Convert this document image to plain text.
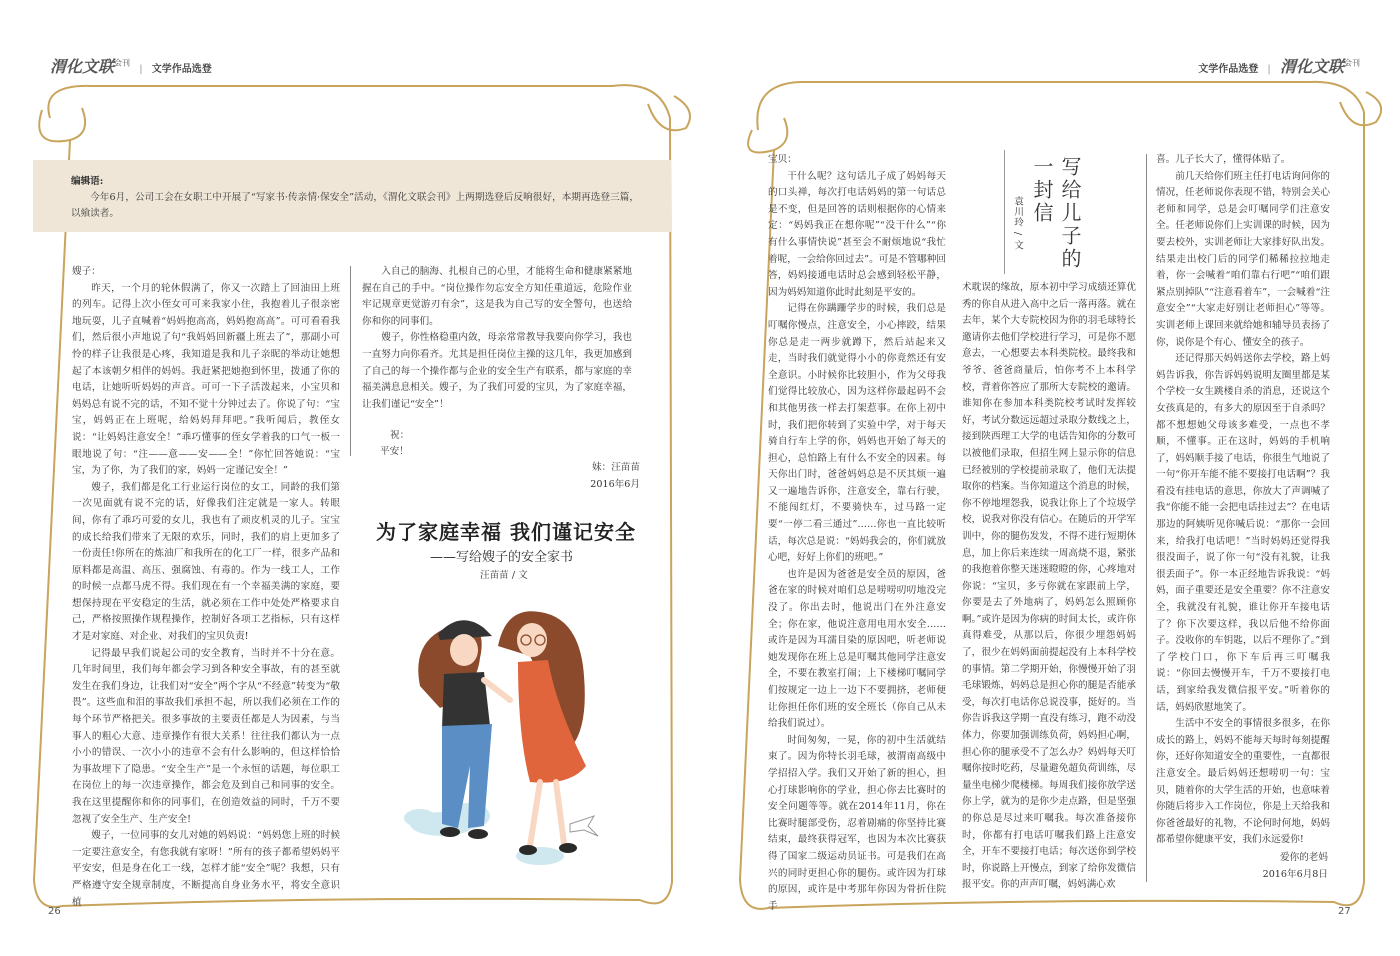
渭化文联$^{会刊}$ | 文学作品选登

编辑语:

今年6月，公司工会在女职工中开展了“写家书·传亲情·保安全”活动，《渭化文联会刊》上两期选登后反响很好，本期再选登三篇，以飨读者。

嫂子：

昨天，一个月的轮休假满了，你又一次踏上了回油田上班的列车。记得上次小侄女可可来我家小住，我抱着儿子很亲密地玩耍，儿子直喊着“妈妈抱高高，妈妈抱高高”。可可看看我们，然后很小声地说了句“我妈妈回新疆上班去了”，那副小可怜的样子让我很是心疼，我知道是我和儿子亲昵的举动让她想起了本该朝夕相伴的妈妈。我赶紧把她抱到怀里，拨通了你的电话，让她听听妈妈的声音。可可一下子活泼起来，小宝贝和妈妈总有说不完的话，不知不觉十分钟过去了。你说了句：“宝宝，妈妈正在上班呢，给妈妈拜拜吧。”我听闻后，教侄女说：“让妈妈注意安全！”乖巧懂事的侄女学着我的口气一板一眼地说了句：“注——意——安——全！”你忙回答她说：“宝宝，为了你，为了我们的家，妈妈一定谨记安全！”

嫂子，我们都是化工行业运行岗位的女工，同龄的我们第一次见面就有说不完的话，好像我们注定就是一家人。转眼间，你有了乖巧可爱的女儿，我也有了顽皮机灵的儿子。宝宝的成长给我们带来了无限的欢乐，同时，我们的肩上更加多了一份责任!你所在的炼油厂和我所在的化工厂一样，很多产品和原料都是高温、高压、强腐蚀、有毒的。作为一线工人，工作的时候一点都马虎不得。我们现在有一个幸福美满的家庭，要想保持现在平安稳定的生活，就必须在工作中处处严格要求自己，严格按照操作规程操作，控制好各项工艺指标，只有这样才是对家庭、对企业、对我们的宝贝负责!

记得最早我们说起公司的安全教育，当时并不十分在意。几年时间里，我们每年都会学习到各种安全事故，有的甚至就发生在我们身边，让我们对“安全”两个字从“不经意”转变为“敬畏”。这些血和泪的事故我们承担不起，所以我们必须在工作的每个环节严格把关。很多事故的主要责任都是人为因素，与当事人的粗心大意、违章操作有很大关系！往往我们都认为一点小小的错误、一次小小的违章不会有什么影响的，但这样恰恰为事故埋下了隐患。“安全生产”是一个永恒的话题，每位职工在岗位上的每一次违章操作，都会危及到自己和同事的安全。我在这里提醒你和你的同事们，在创造效益的同时，千万不要忽视了安全生产、生产安全!

嫂子，一位同事的女儿对她的妈妈说：“妈妈您上班的时候一定要注意安全，有您我就有家呀！”所有的孩子都希望妈妈平平安安，但是身在化工一线，怎样才能“安全”呢？我想，只有严格遵守安全规章制度，不断提高自身业务水平，将安全意识植

入自己的脑海、扎根自己的心里，才能将生命和健康紧紧地握在自己的手中。“岗位操作勿忘安全方知任重道远，危险作业牢记规章更觉游刃有余”，这是我为自己写的安全警句，也送给你和你的同事们。

嫂子，你性格稳重内敛，母亲常常教导我要向你学习，我也一直努力向你看齐。尤其是担任岗位主操的这几年，我更加感到了自己的每一个操作都与企业的安全生产有联系，都与家庭的幸福美满息息相关。嫂子，为了我们可爱的宝贝，为了家庭幸福，让我们谨记“安全”！

祝：

平安！

妹：汪苗苗

2016年6月

为了家庭幸福 我们谨记安全
——写给嫂子的安全家书

汪苗苗 / 文

26
文学作品选登 | 渭化文联$^{会刊}$

宝贝：

干什么呢？这句话儿子成了妈妈每天的口头禅，每次打电话妈妈的第一句话总是不变，但是回答的话则根据你的心情来定：“妈妈我正在想你呢”“没干什么”“你有什么事情快说”甚至会不耐烦地说“我忙着呢，一会给你回过去”。可是不管哪种回答，妈妈接通电话时总会感到轻松平静，因为妈妈知道你此时此刻是平安的。

记得在你蹒跚学步的时候，我们总是叮嘱你慢点，注意安全，小心摔跤，结果你总是走一两步就蹲下，然后站起来又走，当时我们就觉得小小的你竟然还有安全意识。小时候你比较胆小，作为父母我们觉得比较放心，因为这样你最起码不会和其他男孩一样去打架惹事。在你上初中时，我们把你转到了实验中学，对于每天骑自行车上学的你，妈妈也开始了每天的担心，总怕路上有什么不安全的因素。每天你出门时，爸爸妈妈总是不厌其烦一遍又一遍地告诉你，注意安全，靠右行驶，不能闯红灯，不要骑快车，过马路一定要“一停二看三通过”……你也一直比较听话，每次总是说：“妈妈我会的，你们就放心吧，好好上你们的班吧。”

也许是因为爸爸是安全员的原因，爸爸在家的时候对咱们总是唠唠叨叨地没完没了。你出去时，他说出门在外注意安全；你在家，他说注意用电用水安全……或许是因为耳濡目染的原因吧，听老师说她发现你在班上总是叮嘱其他同学注意安全，不要在教室打闹；上下楼梯叮嘱同学们按规定一边上一边下不要拥挤，老师便让你担任你们班的安全班长（你自己从未给我们说过）。

时间匆匆，一晃，你的初中生活就结束了。因为你特长羽毛球，被渭南高级中学招招入学。我们又开始了新的担心，担心打球影响你的学业，担心你去比赛时的安全问题等等。就在2014年11月，你在比赛时腿部受伤，忍着剧痛的你坚持比赛结束，最终获得冠军，也因为本次比赛获得了国家二级运动员证书。可是我们在高兴的同时更担心你的腿伤。或许因为打球的原因，或许是中考那年你因为骨折住院手

写给儿子的
一封信
袁川玲 / 文

术耽误的缘故，原本初中学习成绩还算优秀的你自从进入高中之后一落再落。就在去年，某个大专院校因为你的羽毛球特长邀请你去他们学校进行学习，可是你不愿意去，一心想要去本科类院校。最终我和爷爷、爸爸商量后，怕你考不上本科学校，背着你答应了那所大专院校的邀请。谁知你在参加本科类院校考试时发挥较好，考试分数远远超过录取分数线之上，接到陕西理工大学的电话告知你的分数可以被他们录取，但招生网上显示你的信息已经被别的学校提前录取了，他们无法提取你的档案。当你知道这个消息的时候，你不停地埋怨我，说我让你上了个垃圾学校，说我对你没有信心。在随后的开学军训中，你的腿伤发发，不得不进行短期休息，加上你后来连续一周高烧不退，紧张的我抱着你整天迷迷瞪瞪的你，心疼地对你说：“宝贝，多亏你就在家跟前上学，你要是去了外地病了，妈妈怎么照顾你啊。”或许是因为你病的时间太长，或许你真得难受，从那以后，你很少埋怨妈妈了，很少在妈妈面前提起没有上本科学校的事情。第二学期开始，你慢慢开始了羽毛球锻炼，妈妈总是担心你的腿是否能承受，每次打电话你总说没事，挺好的。当你告诉我这学期一直没有练习，跑不动没体力，你要加强训练负荷，妈妈担心啊，担心你的腿承受不了怎么办？妈妈每天叮嘱你按时吃药，尽量避免超负荷训练，尽量坐电梯少爬楼梯。每周我们接你放学送你上学，就为的是你少走点路，但是坚强的你总是尽过来叮嘱我。每次准备接你时，你都有打电话叮嘱我们路上注意安全，开车不要接打电话；每次送你到学校时，你说路上开慢点，到家了给你发微信报平安。你的声声叮嘱，妈妈满心欢

喜。儿子长大了，懂得体贴了。

前几天给你们班主任打电话询问你的情况，任老师说你表现不错，特别会关心老师和同学，总是会叮嘱同学们注意安全。任老师说你们上实训课的时候，因为要去校外，实训老师让大家排好队出发。结果走出校门后的同学们稀稀拉拉地走着，你一会喊着“咱们靠右行吧”“咱们跟紧点别掉队”“注意看着车”，一会喊着“注意安全”“大家走好别让老师担心”等等。实训老师上课回来就给她和辅导员表扬了你，说你是个有心、懂安全的孩子。

还记得那天妈妈送你去学校，路上妈妈告诉我，你告诉妈妈说明友圈里都是某个学校一女生跳楼自杀的消息，还说这个女孩真是的，有多大的原因至于自杀吗？都不想想她父母该多难受，一点也不孝顺，不懂事。正在这时，妈妈的手机响了，妈妈顺手接了电话，你很生气地说了一句“你开车能不能不要接打电话啊”？我看没有挂电话的意思，你放大了声调喊了我“你能不能一会把电话挂过去”？在电话那边的阿姨听见你喊后说：“那你一会回来，给我打电话吧！”当时妈妈还觉得我很没面子，说了你一句“没有礼貌，让我很丢面子”。你一本正经地告诉我说：“妈妈，面子重要还是安全重要？你不注意安全，我就没有礼貌，谁让你开车接电话了？你下次要这样，我以后他不给你面子。没收你的车钥匙，以后不理你了。”到了学校门口，你下车后再三叮嘱我说：“你回去慢慢开车，千万不要接打电话，到家给我发微信报平安。”听着你的话，妈妈欣慰地笑了。

生活中不安全的事情很多很多，在你成长的路上，妈妈不能每天每时每刻提醒你，还好你知道安全的重要性，一直都很注意安全。最后妈妈还想唠叨一句：宝贝，随着你的大学生活的开始，也意味着你随后将步入工作岗位，你是上天给我和你爸爸最好的礼物，不论何时何地，妈妈都希望你健康平安，我们永远爱你!

爱你的老妈

2016年6月8日

27
